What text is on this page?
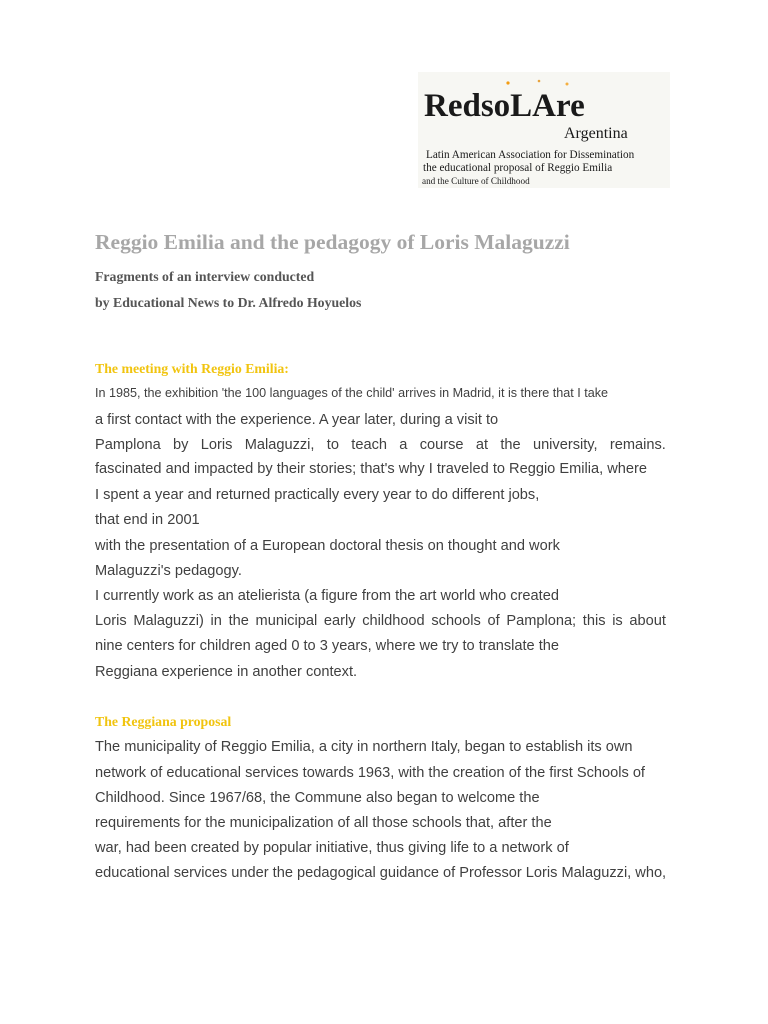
RedsoLAre
Argentina
Latin American Association for Dissemination
the educational proposal of Reggio Emilia
and the Culture of Childhood
Reggio Emilia and the pedagogy of Loris Malaguzzi
Fragments of an interview conducted
by Educational News to Dr. Alfredo Hoyuelos
The meeting with Reggio Emilia:
In 1985, the exhibition 'the 100 languages of the child' arrives in Madrid, it is there that I take
a first contact with the experience. A year later, during a visit to
Pamplona by Loris Malaguzzi, to teach a course at the university, remains.
fascinated and impacted by their stories; that's why I traveled to Reggio Emilia, where
I spent a year and returned practically every year to do different jobs,
that end in 2001
with the presentation of a European doctoral thesis on thought and work
Malaguzzi's pedagogy.
I currently work as an atelierista (a figure from the art world who created
Loris Malaguzzi) in the municipal early childhood schools of Pamplona; this is about
nine centers for children aged 0 to 3 years, where we try to translate the
Reggiana experience in another context.
The Reggiana proposal
The municipality of Reggio Emilia, a city in northern Italy, began to establish its own
network of educational services towards 1963, with the creation of the first Schools of
Childhood. Since 1967/68, the Commune also began to welcome the
requirements for the municipalization of all those schools that, after the
war, had been created by popular initiative, thus giving life to a network of
educational services under the pedagogical guidance of Professor Loris Malaguzzi, who,
